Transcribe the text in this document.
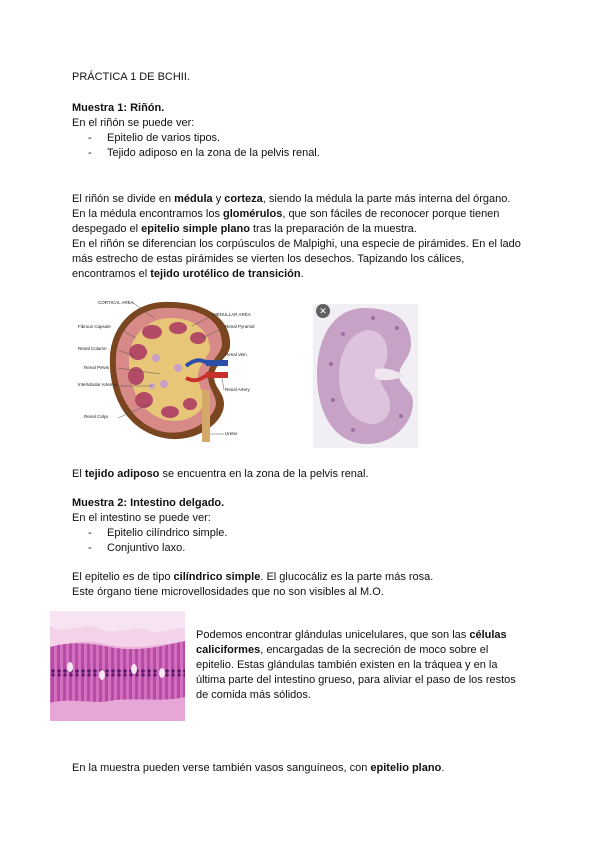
PRÁCTICA 1 DE BCHII.
Muestra 1: Riñón.
En el riñón se puede ver:
- Epitelio de varios tipos.
- Tejido adiposo en la zona de la pelvis renal.
El riñón se divide en médula y corteza, siendo la médula la parte más interna del órgano.
En la médula encontramos los glomérulos, que son fáciles de reconocer porque tienen
despegado el epitelio simple plano tras la preparación de la muestra.
En el riñón se diferencian los corpúsculos de Malpighi, una especie de pirámides. En el lado
más estrecho de estas pirámides se vierten los desechos. Tapizando los cálices,
encontramos el tejido urotélico de transición.
CORTICAL AREA
MEDULLAR AREA
Fibrous Capsule	Renal Pyramid
Renal Column
Renal Vein
Renal Pelvis
Renal Artery
Interlobular Arteries
Renal Calyx
Ureter
✕
El tejido adiposo se encuentra en la zona de la pelvis renal.
Muestra 2: Intestino delgado.
En el intestino se puede ver:
- Epitelio cilíndrico simple.
- Conjuntivo laxo.
El epitelio es de tipo cilíndrico simple. El glucocáliz es la parte más rosa.
Este órgano tiene microvellosidades que no son visibles al M.O.
Podemos encontrar glándulas unicelulares, que son las células
caliciformes, encargadas de la secreción de moco sobre el
epitelio. Estas glándulas también existen en la tráquea y en la
última parte del intestino grueso, para aliviar el paso de los restos
de comida más sólidos.
En la muestra pueden verse también vasos sanguíneos, con epitelio plano.
